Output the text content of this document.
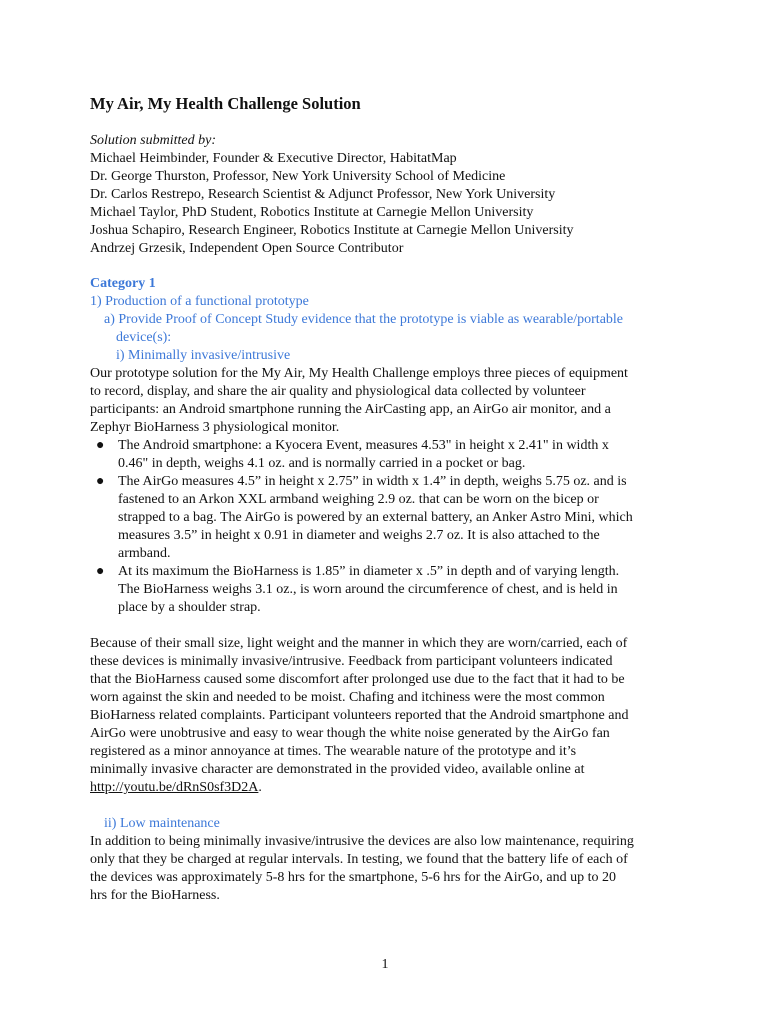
My Air, My Health Challenge Solution
Solution submitted by:
Michael Heimbinder, Founder & Executive Director, HabitatMap
Dr. George Thurston, Professor, New York University School of Medicine
Dr. Carlos Restrepo, Research Scientist & Adjunct Professor, New York University
Michael Taylor, PhD Student, Robotics Institute at Carnegie Mellon University
Joshua Schapiro, Research Engineer, Robotics Institute at Carnegie Mellon University
Andrzej Grzesik, Independent Open Source Contributor
Category 1
1) Production of a functional prototype
a) Provide Proof of Concept Study evidence that the prototype is viable as wearable/portable
device(s):
i) Minimally invasive/intrusive
Our prototype solution for the My Air, My Health Challenge employs three pieces of equipment
to record, display, and share the air quality and physiological data collected by volunteer
participants: an Android smartphone running the AirCasting app, an AirGo air monitor, and a
Zephyr BioHarness 3 physiological monitor.
● The Android smartphone: a Kyocera Event, measures 4.53" in height x 2.41" in width x
0.46" in depth, weighs 4.1 oz. and is normally carried in a pocket or bag.
● The AirGo measures 4.5” in height x 2.75” in width x 1.4” in depth, weighs 5.75 oz. and is
fastened to an Arkon XXL armband weighing 2.9 oz. that can be worn on the bicep or
strapped to a bag. The AirGo is powered by an external battery, an Anker Astro Mini, which
measures 3.5” in height x 0.91 in diameter and weighs 2.7 oz. It is also attached to the
armband.
● At its maximum the BioHarness is 1.85” in diameter x .5” in depth and of varying length.
The BioHarness weighs 3.1 oz., is worn around the circumference of chest, and is held in
place by a shoulder strap.
Because of their small size, light weight and the manner in which they are worn/carried, each of
these devices is minimally invasive/intrusive. Feedback from participant volunteers indicated
that the BioHarness caused some discomfort after prolonged use due to the fact that it had to be
worn against the skin and needed to be moist. Chafing and itchiness were the most common
BioHarness related complaints. Participant volunteers reported that the Android smartphone and
AirGo were unobtrusive and easy to wear though the white noise generated by the AirGo fan
registered as a minor annoyance at times. The wearable nature of the prototype and it’s
minimally invasive character are demonstrated in the provided video, available online at
http://youtu.be/dRnS0sf3D2A.
ii) Low maintenance
In addition to being minimally invasive/intrusive the devices are also low maintenance, requiring
only that they be charged at regular intervals. In testing, we found that the battery life of each of
the devices was approximately 5-8 hrs for the smartphone, 5-6 hrs for the AirGo, and up to 20
hrs for the BioHarness.
1
